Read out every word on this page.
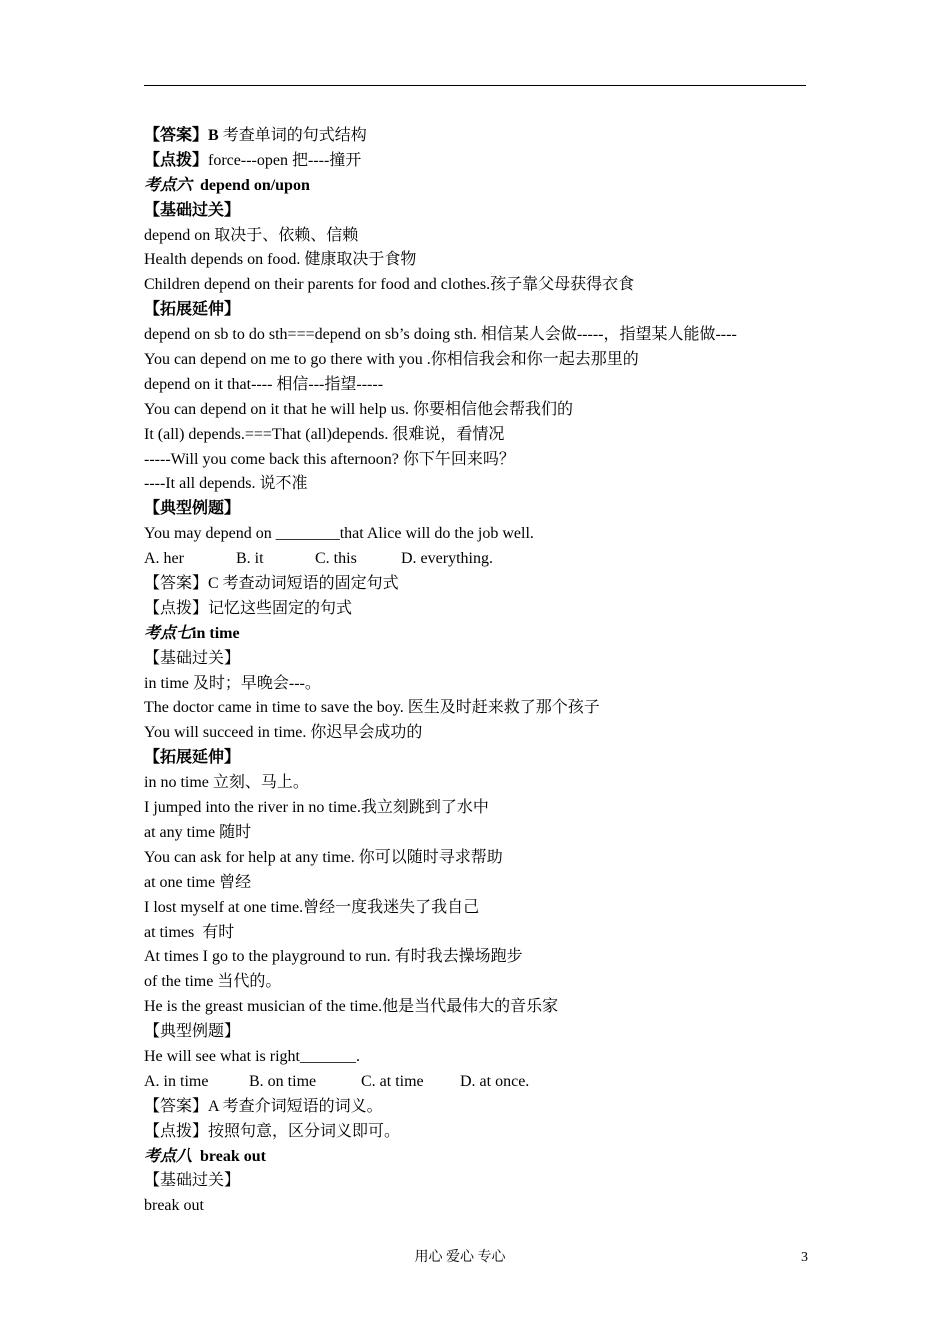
【答案】B 考查单词的句式结构
【点拨】force---open 把----撞开
考点六  depend on/upon
【基础过关】
depend on 取决于、依赖、信赖
Health depends on food. 健康取决于食物
Children depend on their parents for food and clothes.孩子靠父母获得衣食
【拓展延伸】
depend on sb to do sth===depend on sb’s doing sth. 相信某人会做-----，指望某人能做----
You can depend on me to go there with you .你相信我会和你一起去那里的
depend on it that---- 相信---指望-----
You can depend on it that he will help us. 你要相信他会帮我们的
It (all) depends.===That (all)depends. 很难说，看情况
-----Will you come back this afternoon? 你下午回来吗？
----It all depends. 说不准
【典型例题】
You may depend on ________that Alice will do the job well.
A. her	B. it	C. this	D. everything.
【答案】C 考查动词短语的固定句式
【点拨】记忆这些固定的句式
考点七in time
【基础过关】
in time 及时；早晚会---。
The doctor came in time to save the boy. 医生及时赶来救了那个孩子
You will succeed in time. 你迟早会成功的
【拓展延伸】
in no time 立刻、马上。
I jumped into the river in no time.我立刻跳到了水中
at any time 随时
You can ask for help at any time. 你可以随时寻求帮助
at one time 曾经
I lost myself at one time.曾经一度我迷失了我自己
at times  有时
At times I go to the playground to run. 有时我去操场跑步
of the time 当代的。
He is the greast musician of the time.他是当代最伟大的音乐家
【典型例题】
He will see what is right_______.
A. in time	B. on time	C. at time D. at once.
【答案】A 考查介词短语的词义。
【点拨】按照句意，区分词义即可。
考点八  break out
【基础过关】
break out
用心 爱心 专心	3
